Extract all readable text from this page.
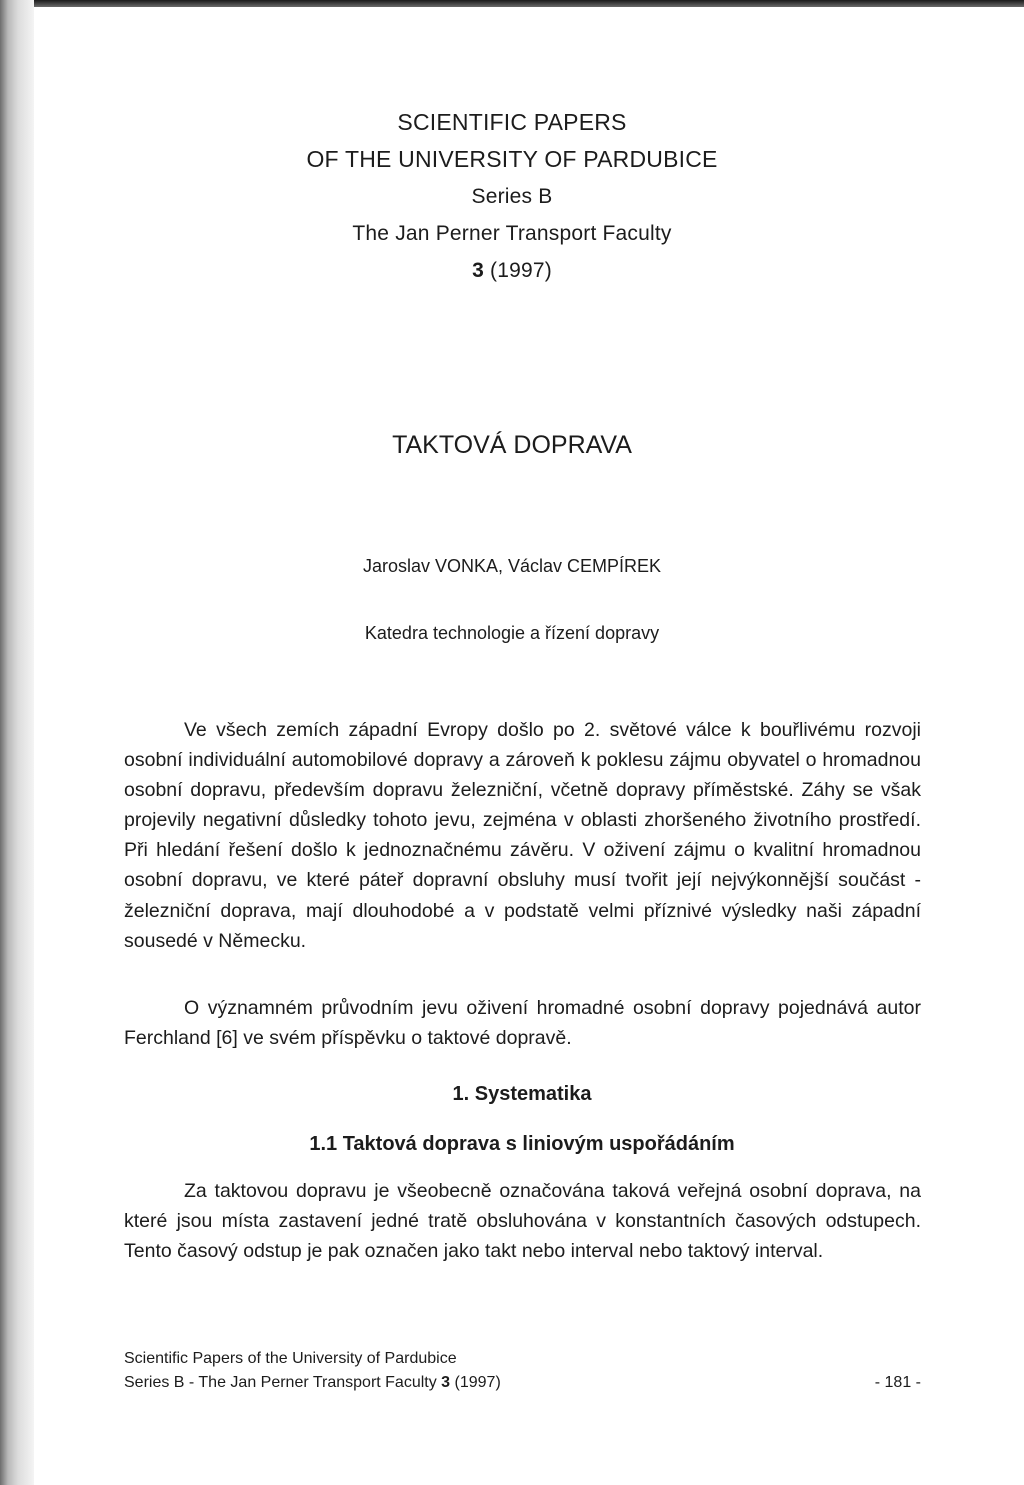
SCIENTIFIC PAPERS
OF THE UNIVERSITY OF PARDUBICE
Series B
The Jan Perner Transport Faculty
3 (1997)
TAKTOVÁ DOPRAVA
Jaroslav VONKA, Václav CEMPÍREK
Katedra technologie a řízení dopravy

Ve všech zemích západní Evropy došlo po 2. světové válce k bouřlivému rozvoji osobní individuální automobilové dopravy a zároveň k poklesu zájmu obyvatel o hromadnou osobní dopravu, především dopravu železniční, včetně dopravy příměstské. Záhy se však projevily negativní důsledky tohoto jevu, zejména v oblasti zhoršeného životního prostředí. Při hledání řešení došlo k jednoznačnému závěru. V oživení zájmu o kvalitní hromadnou osobní dopravu, ve které páteř dopravní obsluhy musí tvořit její nejvýkonnější součást - železniční doprava, mají dlouhodobé a v podstatě velmi příznivé výsledky naši západní sousedé v Německu.

O významném průvodním jevu oživení hromadné osobní dopravy pojednává autor Ferchland [6] ve svém příspěvku o taktové dopravě.

1. Systematika
1.1 Taktová doprava s liniovým uspořádáním

Za taktovou dopravu je všeobecně označována taková veřejná osobní doprava, na které jsou místa zastavení jedné tratě obsluhována v konstantních časových odstupech. Tento časový odstup je pak označen jako takt nebo interval nebo taktový interval.

Scientific Papers of the University of Pardubice
Series B - The Jan Perner Transport Faculty 3 (1997)	- 181 -
